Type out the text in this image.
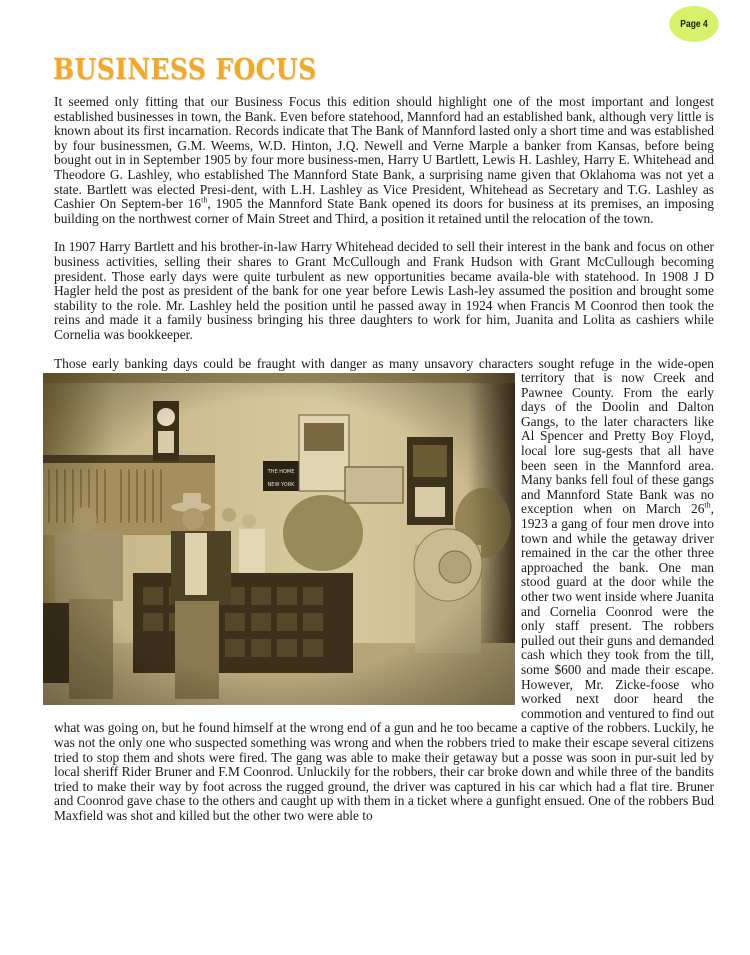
Page 4
BUSINESS FOCUS

It seemed only fitting that our Business Focus this edition should highlight one of the most important and longest established businesses in town, the Bank. Even before statehood, Mannford had an established bank, although very little is known about its first incarnation. Records indicate that The Bank of Mannford lasted only a short time and was established by four businessmen, G.M. Weems, W.D. Hinton, J.Q. Newell and Verne Marple a banker from Kansas, before being bought out in in September 1905 by four more business-men, Harry U Bartlett, Lewis H. Lashley, Harry E. Whitehead and Theodore G. Lashley, who established The Mannford State Bank, a surprising name given that Oklahoma was not yet a state. Bartlett was elected Presi-dent, with L.H. Lashley as Vice President, Whitehead as Secretary and T.G. Lashley as Cashier On Septem-ber 16th, 1905 the Mannford State Bank opened its doors for business at its premises, an imposing building on the northwest corner of Main Street and Third, a position it retained until the relocation of the town.

In 1907 Harry Bartlett and his brother-in-law Harry Whitehead decided to sell their interest in the bank and focus on other business activities, selling their shares to Grant McCullough and Frank Hudson with Grant McCullough becoming president. Those early days were quite turbulent as new opportunities became availa-ble with statehood. In 1908 J D Hagler held the post as president of the bank for one year before Lewis Lash-ley assumed the position and brought some stability to the role. Mr. Lashley held the position until he passed away in 1924 when Francis M Coonrod then took the reins and made it a family business bringing his three daughters to work for him, Juanita and Lolita as cashiers while Cornelia was bookkeeper.

Those early banking days could be fraught with danger as many unsavory characters sought refuge in the
wide-open territory that is now Creek and Pawnee County. From the early days of the Doolin and Dalton Gangs, to the later characters like Al Spencer and Pretty Boy Floyd, local lore sug-gests that all have been seen in the Mannford area. Many banks fell foul of these gangs and Mannford State Bank was no exception when on March 26th, 1923 a gang of four men drove into town and while the getaway driver remained in the car the other three approached the bank. One man stood guard at the door while the other two went inside where Juanita and Cornelia Coonrod were the only staff present. The robbers pulled out their guns and demanded cash which they took from the till, some $600 and made their escape. However, Mr. Zicke-foose who worked next door heard the commotion and ventured to find out what was going on, but he found himself at the wrong end of a gun and he too became a captive of the robbers. Luckily, he was not the only one who suspected something was wrong and when the robbers tried to make their escape several citizens tried to stop them and shots were fired. The gang was able to make their getaway but a posse was soon in pur-suit led by local sheriff Rider Bruner and F.M Coonrod. Unluckily for the robbers, their car broke down and while three of the bandits tried to make their way by foot across the rugged ground, the driver was captured in his car which had a flat tire. Bruner and Coonrod gave chase to the others and caught up with them in a ticket where a gunfight ensued. One of the robbers Bud Maxfield was shot and killed but the other two were able to
